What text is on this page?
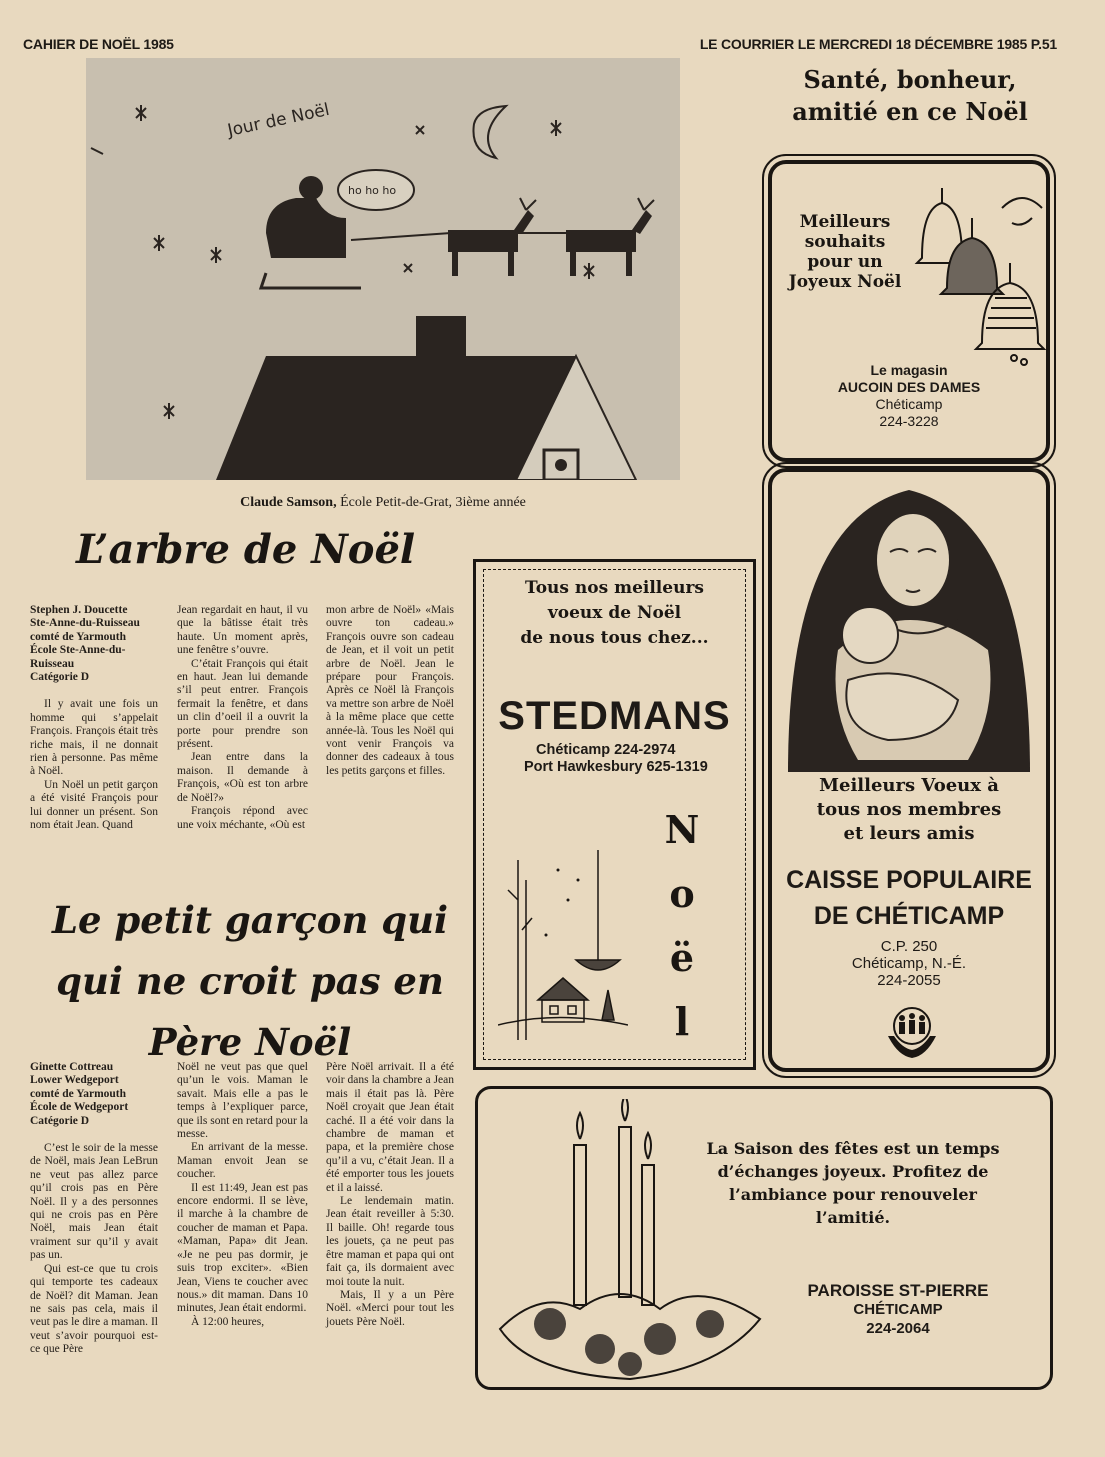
CAHIER DE NOËL 1985	LE COURRIER LE MERCREDI 18 DÉCEMBRE 1985 P.51
Jour de Noël
ho ho ho
Claude Samson, École Petit-de-Grat, 3ième année
L’arbre de Noël

Stephen J. Doucette

Ste-Anne-du-Ruisseau

comté de Yarmouth

École Ste-Anne-du-Ruisseau

Catégorie D

Il y avait une fois un homme qui s’appelait François. François était très riche mais, il ne donnait rien à personne. Pas même à Noël.

Un Noël un petit garçon a été visité François pour lui donner un présent. Son nom était Jean. Quand

Jean regardait en haut, il vu que la bâtisse était très haute. Un moment après, une fenêtre s’ouvre.

C’était François qui était en haut. Jean lui demande s’il peut entrer. François fermait la fenêtre, et dans un clin d’oeil il a ouvrit la porte pour prendre son présent.

Jean entre dans la maison. Il demande à François, «Où est ton arbre de Noël?»

François répond avec une voix méchante, «Où est

mon arbre de Noël» «Mais ouvre ton cadeau.» François ouvre son cadeau de Jean, et il voit un petit arbre de Noël. Jean le prépare pour François. Après ce Noël là François va mettre son arbre de Noël à la même place que cette année-là. Tous les Noël qui vont venir François va donner des cadeaux à tous les petits garçons et filles.

Le petit garçon qui
qui ne croit pas en
Père Noël

Ginette Cottreau

Lower Wedgeport

comté de Yarmouth

École de Wedgeport

Catégorie D

C’est le soir de la messe de Noël, mais Jean LeBrun ne veut pas allez parce qu’il crois pas en Père Noël. Il y a des personnes qui ne crois pas en Père Noël, mais Jean était vraiment sur qu’il y avait pas un.

Qui est-ce que tu crois qui temporte tes cadeaux de Noël? dit Maman. Jean ne sais pas cela, mais il veut pas le dire a maman. Il veut s’avoir pourquoi est-ce que Père

Noël ne veut pas que quel qu’un le vois. Maman le savait. Mais elle a pas le temps à l’expliquer parce, que ils sont en retard pour la messe.

En arrivant de la messe. Maman envoit Jean se coucher.

Il est 11:49, Jean est pas encore endormi. Il se lève, il marche à la chambre de coucher de maman et Papa. «Maman, Papa» dit Jean. «Je ne peu pas dormir, je suis trop exciter». «Bien Jean, Viens te coucher avec nous.» dit maman. Dans 10 minutes, Jean était endormi.

À 12:00 heures,

Père Noël arrivait. Il a été voir dans la chambre a Jean mais il était pas là. Père Noël croyait que Jean était caché. Il a été voir dans la chambre de maman et papa, et la première chose qu’il a vu, c’était Jean. Il a été emporter tous les jouets et il a laissé.

Le lendemain matin. Jean était reveiller à 5:30. Il baille. Oh! regarde tous les jouets, ça ne peut pas être maman et papa qui ont fait ça, ils dormaient avec moi toute la nuit.

Mais, Il y a un Père Noël. «Merci pour tout les jouets Père Noël.

Santé, bonheur,
amitié en ce Noël
Meilleurs
souhaits
pour un
Joyeux Noël
Le magasin
AUCOIN DES DAMES
Chéticamp
224-3228
Tous nos meilleurs
voeux de Noël
de nous tous chez...
STEDMANS
Chéticamp 224-2974
Port Hawkesbury 625-1319
N
o
ë
l
Meilleurs Voeux à
tous nos membres
et leurs amis
CAISSE POPULAIRE
DE CHÉTICAMP
C.P. 250
Chéticamp, N.-É.
224-2055
La Saison des fêtes est un temps
d’échanges joyeux. Profitez de
l’ambiance pour renouveler
l’amitié.
PAROISSE ST-PIERRE
CHÉTICAMP
224-2064
